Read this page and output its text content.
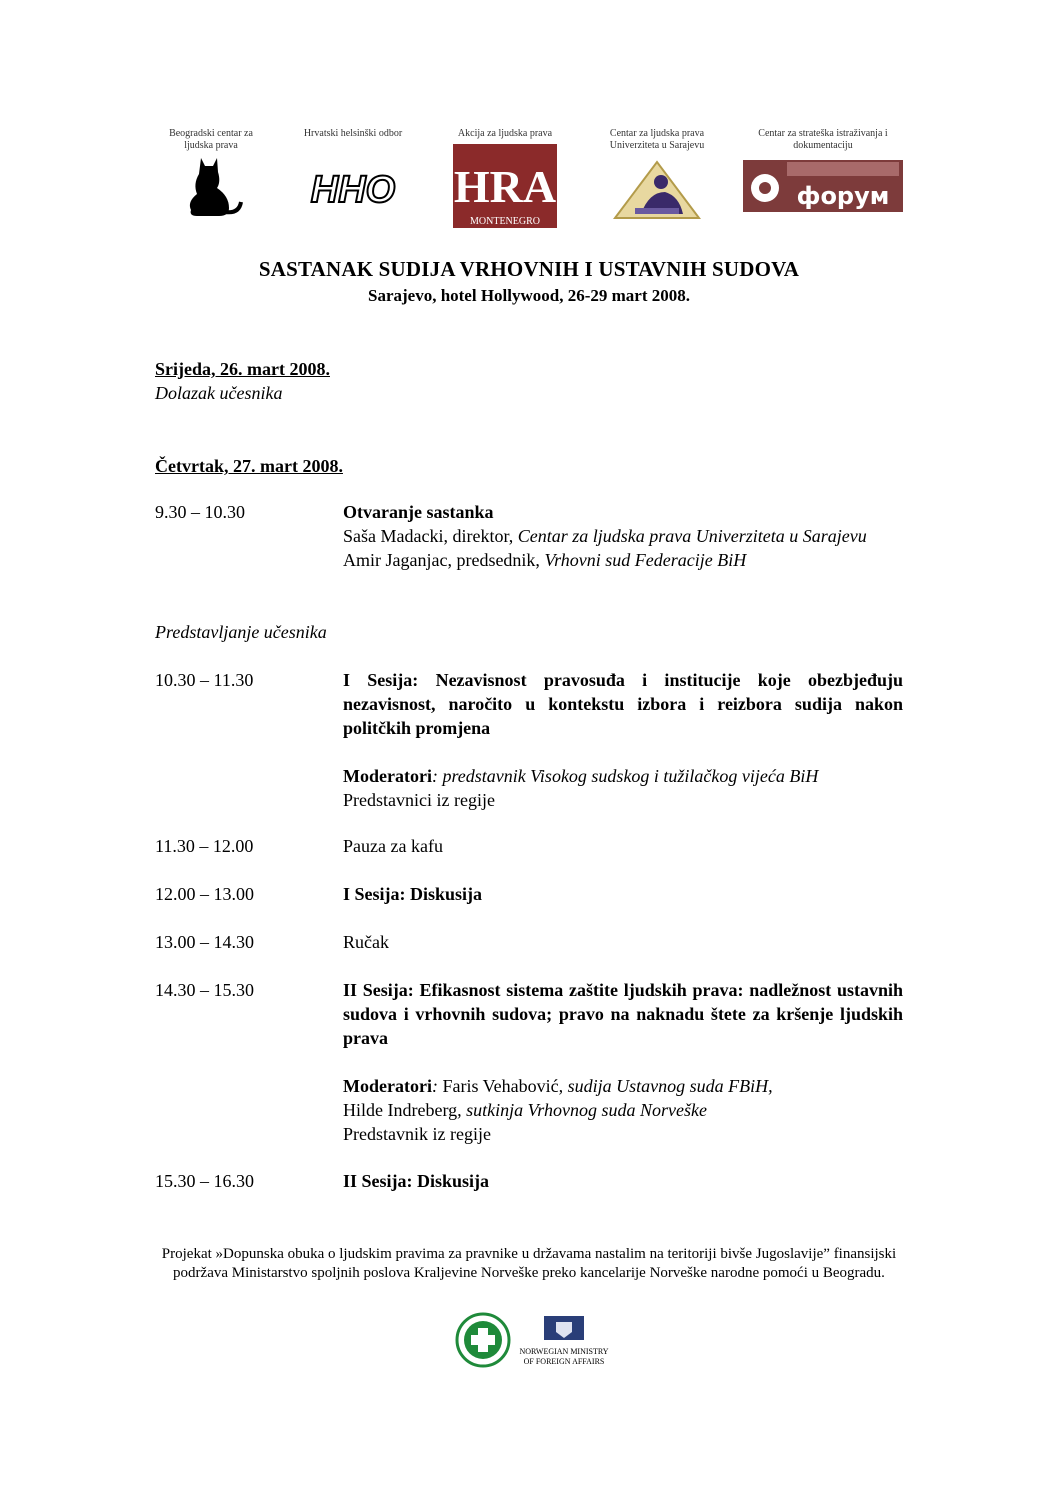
Beogradski centar za ljudska prava
Hrvatski helsinški odbor
HHO
Akcija za ljudska prava
HRA
MONTENEGRO
Centar za ljudska prava Univerziteta u Sarajevu
Centar za strateška istraživanja i dokumentaciju
форум
SASTANAK SUDIJA VRHOVNIH I USTAVNIH SUDOVA
Sarajevo, hotel Hollywood, 26-29 mart 2008.
Srijeda, 26. mart 2008.
Dolazak učesnika
Četvrtak, 27. mart 2008.
9.30 – 10.30	Otvaranje sastanka
Saša Madacki, direktor, Centar za ljudska prava Univerziteta u Sarajevu
Amir Jaganjac, predsednik, Vrhovni sud Federacije BiH
Predstavljanje učesnika
10.30 – 11.30	I Sesija: Nezavisnost pravosuđa i institucije koje obezbjeđuju nezavisnost, naročito u kontekstu izbora i reizbora sudija nakon politčkih promjena
Moderatori: predstavnik Visokog sudskog i tužilačkog vijeća BiH
Predstavnici iz regije
11.30 – 12.00	Pauza za kafu
12.00 – 13.00	I Sesija: Diskusija
13.00 – 14.30	Ručak
14.30 – 15.30	II Sesija: Efikasnost sistema zaštite ljudskih prava: nadležnost ustavnih sudova i vrhovnih sudova; pravo na naknadu štete za kršenje ljudskih prava
Moderatori: Faris Vehabović, sudija Ustavnog suda FBiH,
Hilde Indreberg, sutkinja Vrhovnog suda Norveške
Predstavnik iz regije
15.30 – 16.30	II Sesija: Diskusija
Projekat »Dopunska obuka o ljudskim pravima za pravnike u državama nastalim na teritoriji bivše Jugoslavije” finansijski podržava Ministarstvo spoljnih poslova Kraljevine Norveške preko kancelarije Norveške narodne pomoći u Beogradu.
NORWEGIAN MINISTRY
OF FOREIGN AFFAIRS
